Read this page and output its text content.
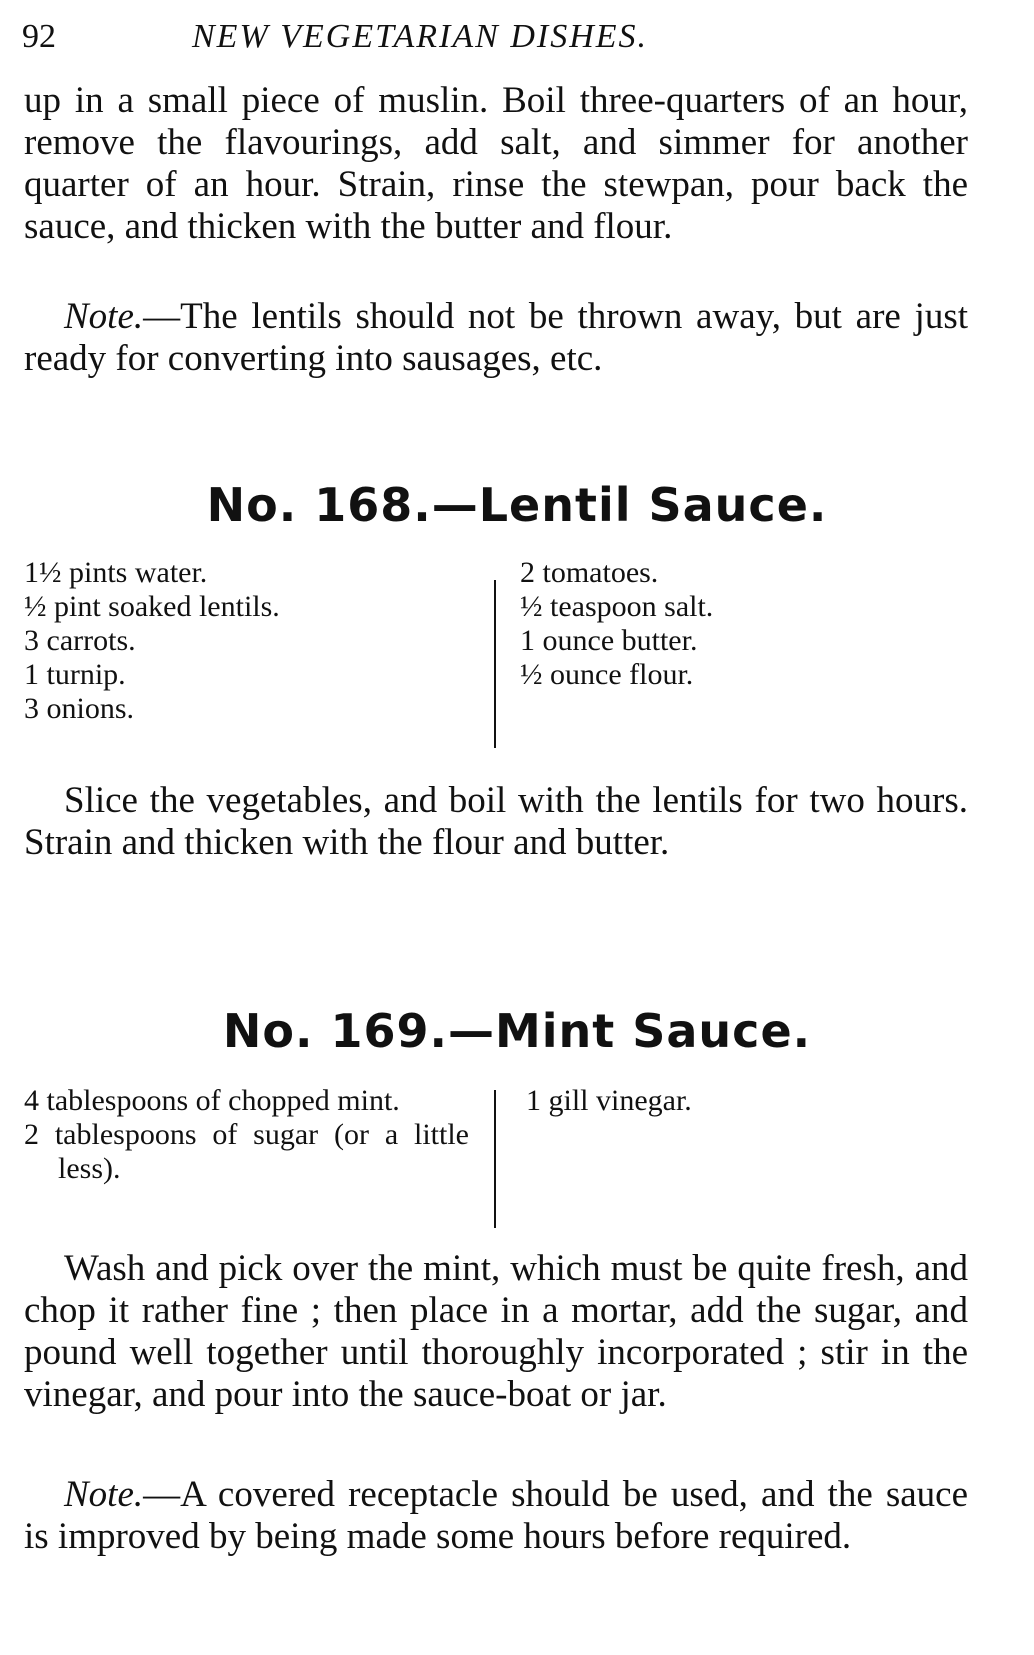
92	NEW VEGETARIAN DISHES.

up in a small piece of muslin. Boil three-quarters of an hour, remove the flavourings, add salt, and simmer for another quarter of an hour. Strain, rinse the stewpan, pour back the sauce, and thicken with the butter and flour.

Note.—The lentils should not be thrown away, but are just ready for converting into sausages, etc.

No. 168.—Lentil Sauce.
1½ pints water.
½ pint soaked lentils.
3 carrots.
1 turnip.
3 onions.
2 tomatoes.
½ teaspoon salt.
1 ounce butter.
½ ounce flour.

Slice the vegetables, and boil with the lentils for two hours. Strain and thicken with the flour and butter.

No. 169.—Mint Sauce.
4 tablespoons of chopped mint.
2 tablespoons of sugar (or a little less).
1 gill vinegar.

Wash and pick over the mint, which must be quite fresh, and chop it rather fine ; then place in a mortar, add the sugar, and pound well together until thoroughly incorporated ; stir in the vinegar, and pour into the sauce-boat or jar.

Note.—A covered receptacle should be used, and the sauce is improved by being made some hours before required.
